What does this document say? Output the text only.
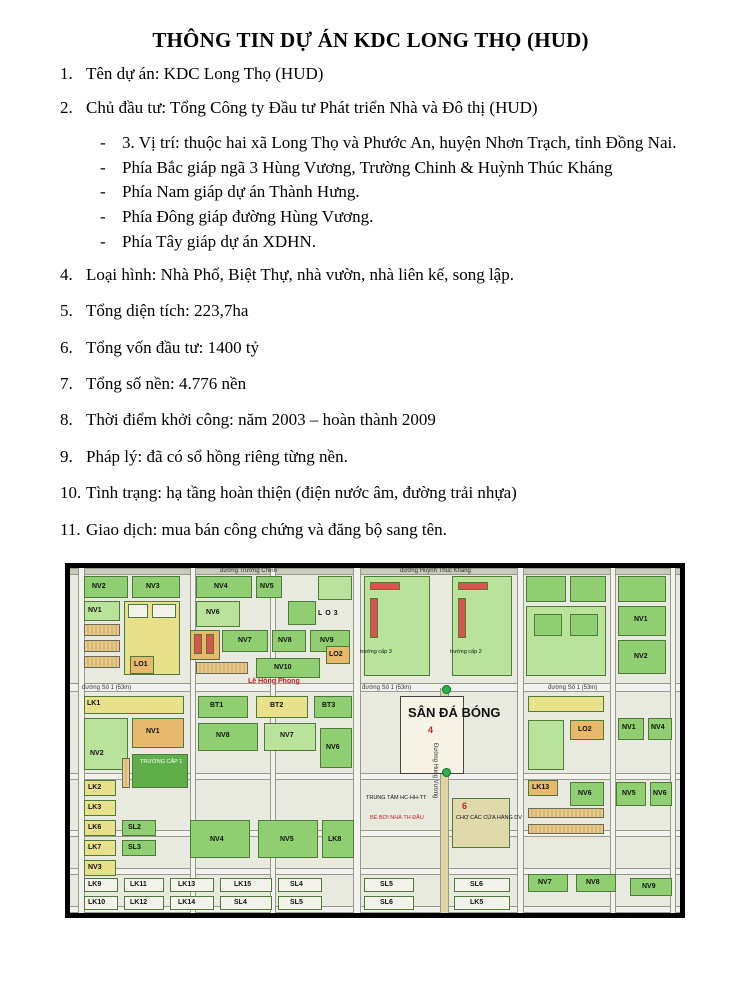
THÔNG TIN DỰ ÁN KDC LONG THỌ (HUD)
1. Tên dự án: KDC Long Thọ (HUD)
2. Chủ đầu tư: Tổng Công ty Đầu tư Phát triển Nhà và Đô thị (HUD)
- 3. Vị trí: thuộc hai xã Long Thọ và Phước An, huyện Nhơn Trạch, tỉnh Đồng Nai.
- Phía Bắc giáp ngã 3 Hùng Vương, Trường Chinh & Huỳnh Thúc Kháng
- Phía Nam giáp dự án Thành Hưng.
- Phía Đông giáp đường Hùng Vương.
- Phía Tây giáp dự án XDHN.
4. Loại hình: Nhà Phố, Biệt Thự, nhà vườn, nhà liên kế, song lập.
5. Tổng diện tích: 223,7ha
6. Tổng vốn đầu tư: 1400 tỷ
7. Tổng số nền: 4.776 nền
8. Thời điểm khởi công: năm 2003 – hoàn thành 2009
9. Pháp lý: đã có sổ hồng riêng từng nền.
10. Tình trạng: hạ tầng hoàn thiện (điện nước âm, đường trải nhựa)
11. Giao dịch: mua bán công chứng và đăng bộ sang tên.
NV2	NV3	NV4	NV5
NV1	NV6
NV7	NV8	NV9
NV10
LO1
LO2
LO3
trường cấp 3	trường cấp 2
NV1
NV2
LK1
NV2
NV1
BT1	BT2	BT3
NV8	NV7
NV6
TRƯỜNG CẤP 1
SÂN ĐÁ BÓNG
4
6
CHỢ CÁC CỬA HÀNG DV
TRUNG TÂM HC-HH-TT
BỂ BƠI NHÀ TH ĐẤU
LO2	NV1 NV4
LK13
NV6	NV5 NV6
LK2
LK3
LK6
LK7
NV3
SL2
SL3
NV4	NV5	LK8
LK9
LK10
LK11
LK12
LK13
LK14
LK15
SL4
SL4
SL5
SL5
SL6
SL6
LK5
NV7	NV8
NV9
đường Số 1 (53m)	đường Số 1 (53m)	đường Số 1 (53m)
đường Trường Chinh	đường Huỳnh Thúc Kháng
Lê Hồng Phong
Đường Hùng Vương
